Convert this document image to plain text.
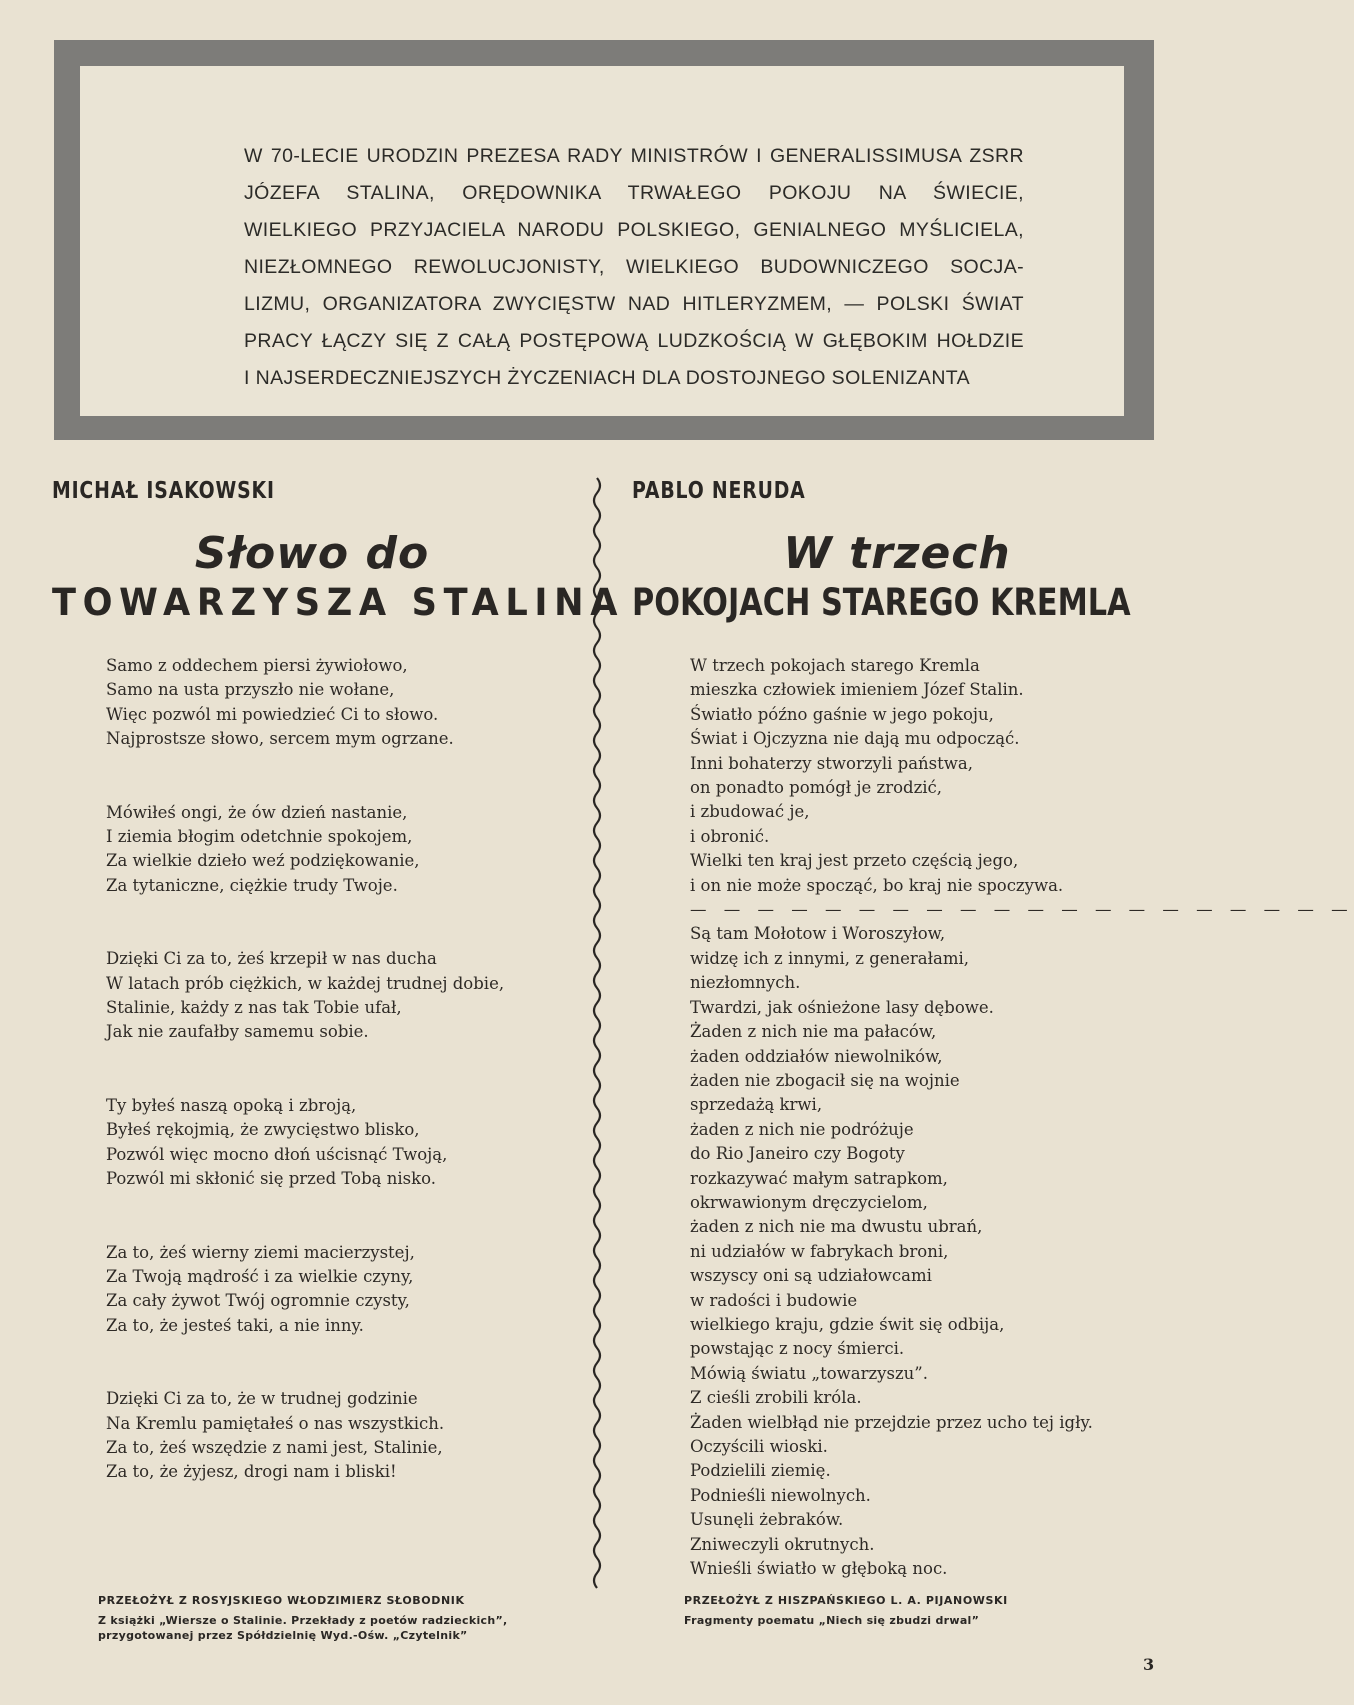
W 70-LECIE URODZIN PREZESA RADY MINISTRÓW I GENERALISSIMUSA ZSRR
JÓZEFA STALINA, ORĘDOWNIKA TRWAŁEGO POKOJU NA ŚWIECIE,
WIELKIEGO PRZYJACIELA NARODU POLSKIEGO, GENIALNEGO MYŚLICIELA,
NIEZŁOMNEGO REWOLUCJONISTY, WIELKIEGO BUDOWNICZEGO SOCJA-
LIZMU, ORGANIZATORA ZWYCIĘSTW NAD HITLERYZMEM, — POLSKI ŚWIAT
PRACY ŁĄCZY SIĘ Z CAŁĄ POSTĘPOWĄ LUDZKOŚCIĄ W GŁĘBOKIM HOŁDZIE
I NAJSERDECZNIEJSZYCH ŻYCZENIACH DLA DOSTOJNEGO SOLENIZANTA
MICHAŁ ISAKOWSKI
Słowo do
TOWARZYSZA STALINA
Samo z oddechem piersi żywiołowo,
Samo na usta przyszło nie wołane,
Więc pozwól mi powiedzieć Ci to słowo.
Najprostsze słowo, sercem mym ogrzane.
Mówiłeś ongi, że ów dzień nastanie,
I ziemia błogim odetchnie spokojem,
Za wielkie dzieło weź podziękowanie,
Za tytaniczne, ciężkie trudy Twoje.
Dzięki Ci za to, żeś krzepił w nas ducha
W latach prób ciężkich, w każdej trudnej dobie,
Stalinie, każdy z nas tak Tobie ufał,
Jak nie zaufałby samemu sobie.
Ty byłeś naszą opoką i zbroją,
Byłeś rękojmią, że zwycięstwo blisko,
Pozwól więc mocno dłoń uścisnąć Twoją,
Pozwól mi skłonić się przed Tobą nisko.
Za to, żeś wierny ziemi macierzystej,
Za Twoją mądrość i za wielkie czyny,
Za cały żywot Twój ogromnie czysty,
Za to, że jesteś taki, a nie inny.
Dzięki Ci za to, że w trudnej godzinie
Na Kremlu pamiętałeś o nas wszystkich.
Za to, żeś wszędzie z nami jest, Stalinie,
Za to, że żyjesz, drogi nam i bliski!
PABLO NERUDA
W trzech
POKOJACH STAREGO KREMLA
W trzech pokojach starego Kremla
mieszka człowiek imieniem Józef Stalin.
Światło późno gaśnie w jego pokoju,
Świat i Ojczyzna nie dają mu odpocząć.
Inni bohaterzy stworzyli państwa,
on ponadto pomógł je zrodzić,
i zbudować je,
i obronić.
Wielki ten kraj jest przeto częścią jego,
i on nie może spocząć, bo kraj nie spoczywa.
— — — — — — — — — — — — — — — — — — — —
Są tam Mołotow i Woroszyłow,
widzę ich z innymi, z generałami,
niezłomnych.
Twardzi, jak ośnieżone lasy dębowe.
Żaden z nich nie ma pałaców,
żaden oddziałów niewolników,
żaden nie zbogacił się na wojnie
sprzedażą krwi,
żaden z nich nie podróżuje
do Rio Janeiro czy Bogoty
rozkazywać małym satrapkom,
okrwawionym dręczycielom,
żaden z nich nie ma dwustu ubrań,
ni udziałów w fabrykach broni,
wszyscy oni są udziałowcami
w radości i budowie
wielkiego kraju, gdzie świt się odbija,
powstając z nocy śmierci.
Mówią światu „towarzyszu”.
Z cieśli zrobili króla.
Żaden wielbłąd nie przejdzie przez ucho tej igły.
Oczyścili wioski.
Podzielili ziemię.
Podnieśli niewolnych.
Usunęli żebraków.
Zniweczyli okrutnych.
Wnieśli światło w głęboką noc.
PRZEŁOŻYŁ Z ROSYJSKIEGO WŁODZIMIERZ SŁOBODNIK
Z książki „Wiersze o Stalinie. Przekłady z poetów radzieckich”,
przygotowanej przez Spółdzielnię Wyd.-Ośw. „Czytelnik”
PRZEŁOŻYŁ Z HISZPAŃSKIEGO L. A. PIJANOWSKI
Fragmenty poematu „Niech się zbudzi drwal”
3
